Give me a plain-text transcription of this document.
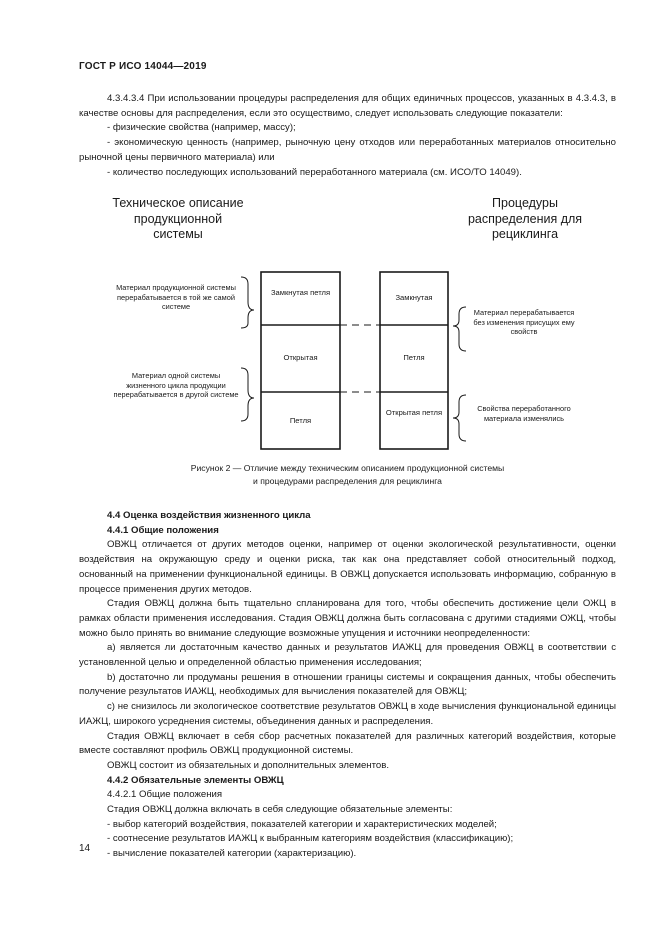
ГОСТ Р ИСО 14044—2019

4.3.4.3.4 При использовании процедуры распределения для общих единичных процессов, указанных в 4.3.4.3, в качестве основы для распределения, если это осуществимо, следует использовать следующие показатели:

- физические свойства (например, массу);

- экономическую ценность (например, рыночную цену отходов или переработанных материалов относительно рыночной цены первичного материала) или

- количество последующих использований переработанного материала (см. ИСО/ТО 14049).

Техническое описание продукционной системы
Процедуры распределения для рециклинга
Замкнутая петля
Открытая
Петля
Замкнутая
Петля
Открытая петля
Материал продукционной системы перерабатывается в той же самой системе
Материал одной системы жизненного цикла продукции перерабатывается в другой системе
Материал перерабатывается без изменения присущих ему свойств
Свойства переработанного материала изменялись
Рисунок 2 — Отличие между техническим описанием продукционной системы
и процедурами распределения для рециклинга

4.4 Оценка воздействия жизненного цикла

4.4.1 Общие положения

ОВЖЦ отличается от других методов оценки, например от оценки экологической результативности, оценки воздействия на окружающую среду и оценки риска, так как она представляет собой относительный подход, основанный на применении функциональной единицы. В ОВЖЦ допускается использовать информацию, собранную в процессе применения других методов.

Стадия ОВЖЦ должна быть тщательно спланирована для того, чтобы обеспечить достижение цели ОЖЦ в рамках области применения исследования. Стадия ОВЖЦ должна быть согласована с другими стадиями ОЖЦ, чтобы можно было принять во внимание следующие возможные упущения и источники неопределенности:

a) является ли достаточным качество данных и результатов ИАЖЦ для проведения ОВЖЦ в соответствии с установленной целью и определенной областью применения исследования;

b) достаточно ли продуманы решения в отношении границы системы и сокращения данных, чтобы обеспечить получение результатов ИАЖЦ, необходимых для вычисления показателей для ОВЖЦ;

c) не снизилось ли экологическое соответствие результатов ОВЖЦ в ходе вычисления функциональной единицы ИАЖЦ, широкого усреднения системы, объединения данных и распределения.

Стадия ОВЖЦ включает в себя сбор расчетных показателей для различных категорий воздействия, которые вместе составляют профиль ОВЖЦ продукционной системы.

ОВЖЦ состоит из обязательных и дополнительных элементов.

4.4.2 Обязательные элементы ОВЖЦ

4.4.2.1 Общие положения

Стадия ОВЖЦ должна включать в себя следующие обязательные элементы:

- выбор категорий воздействия, показателей категории и характеристических моделей;

- соотнесение результатов ИАЖЦ к выбранным категориям воздействия (классификацию);

- вычисление показателей категории (характеризацию).

14
